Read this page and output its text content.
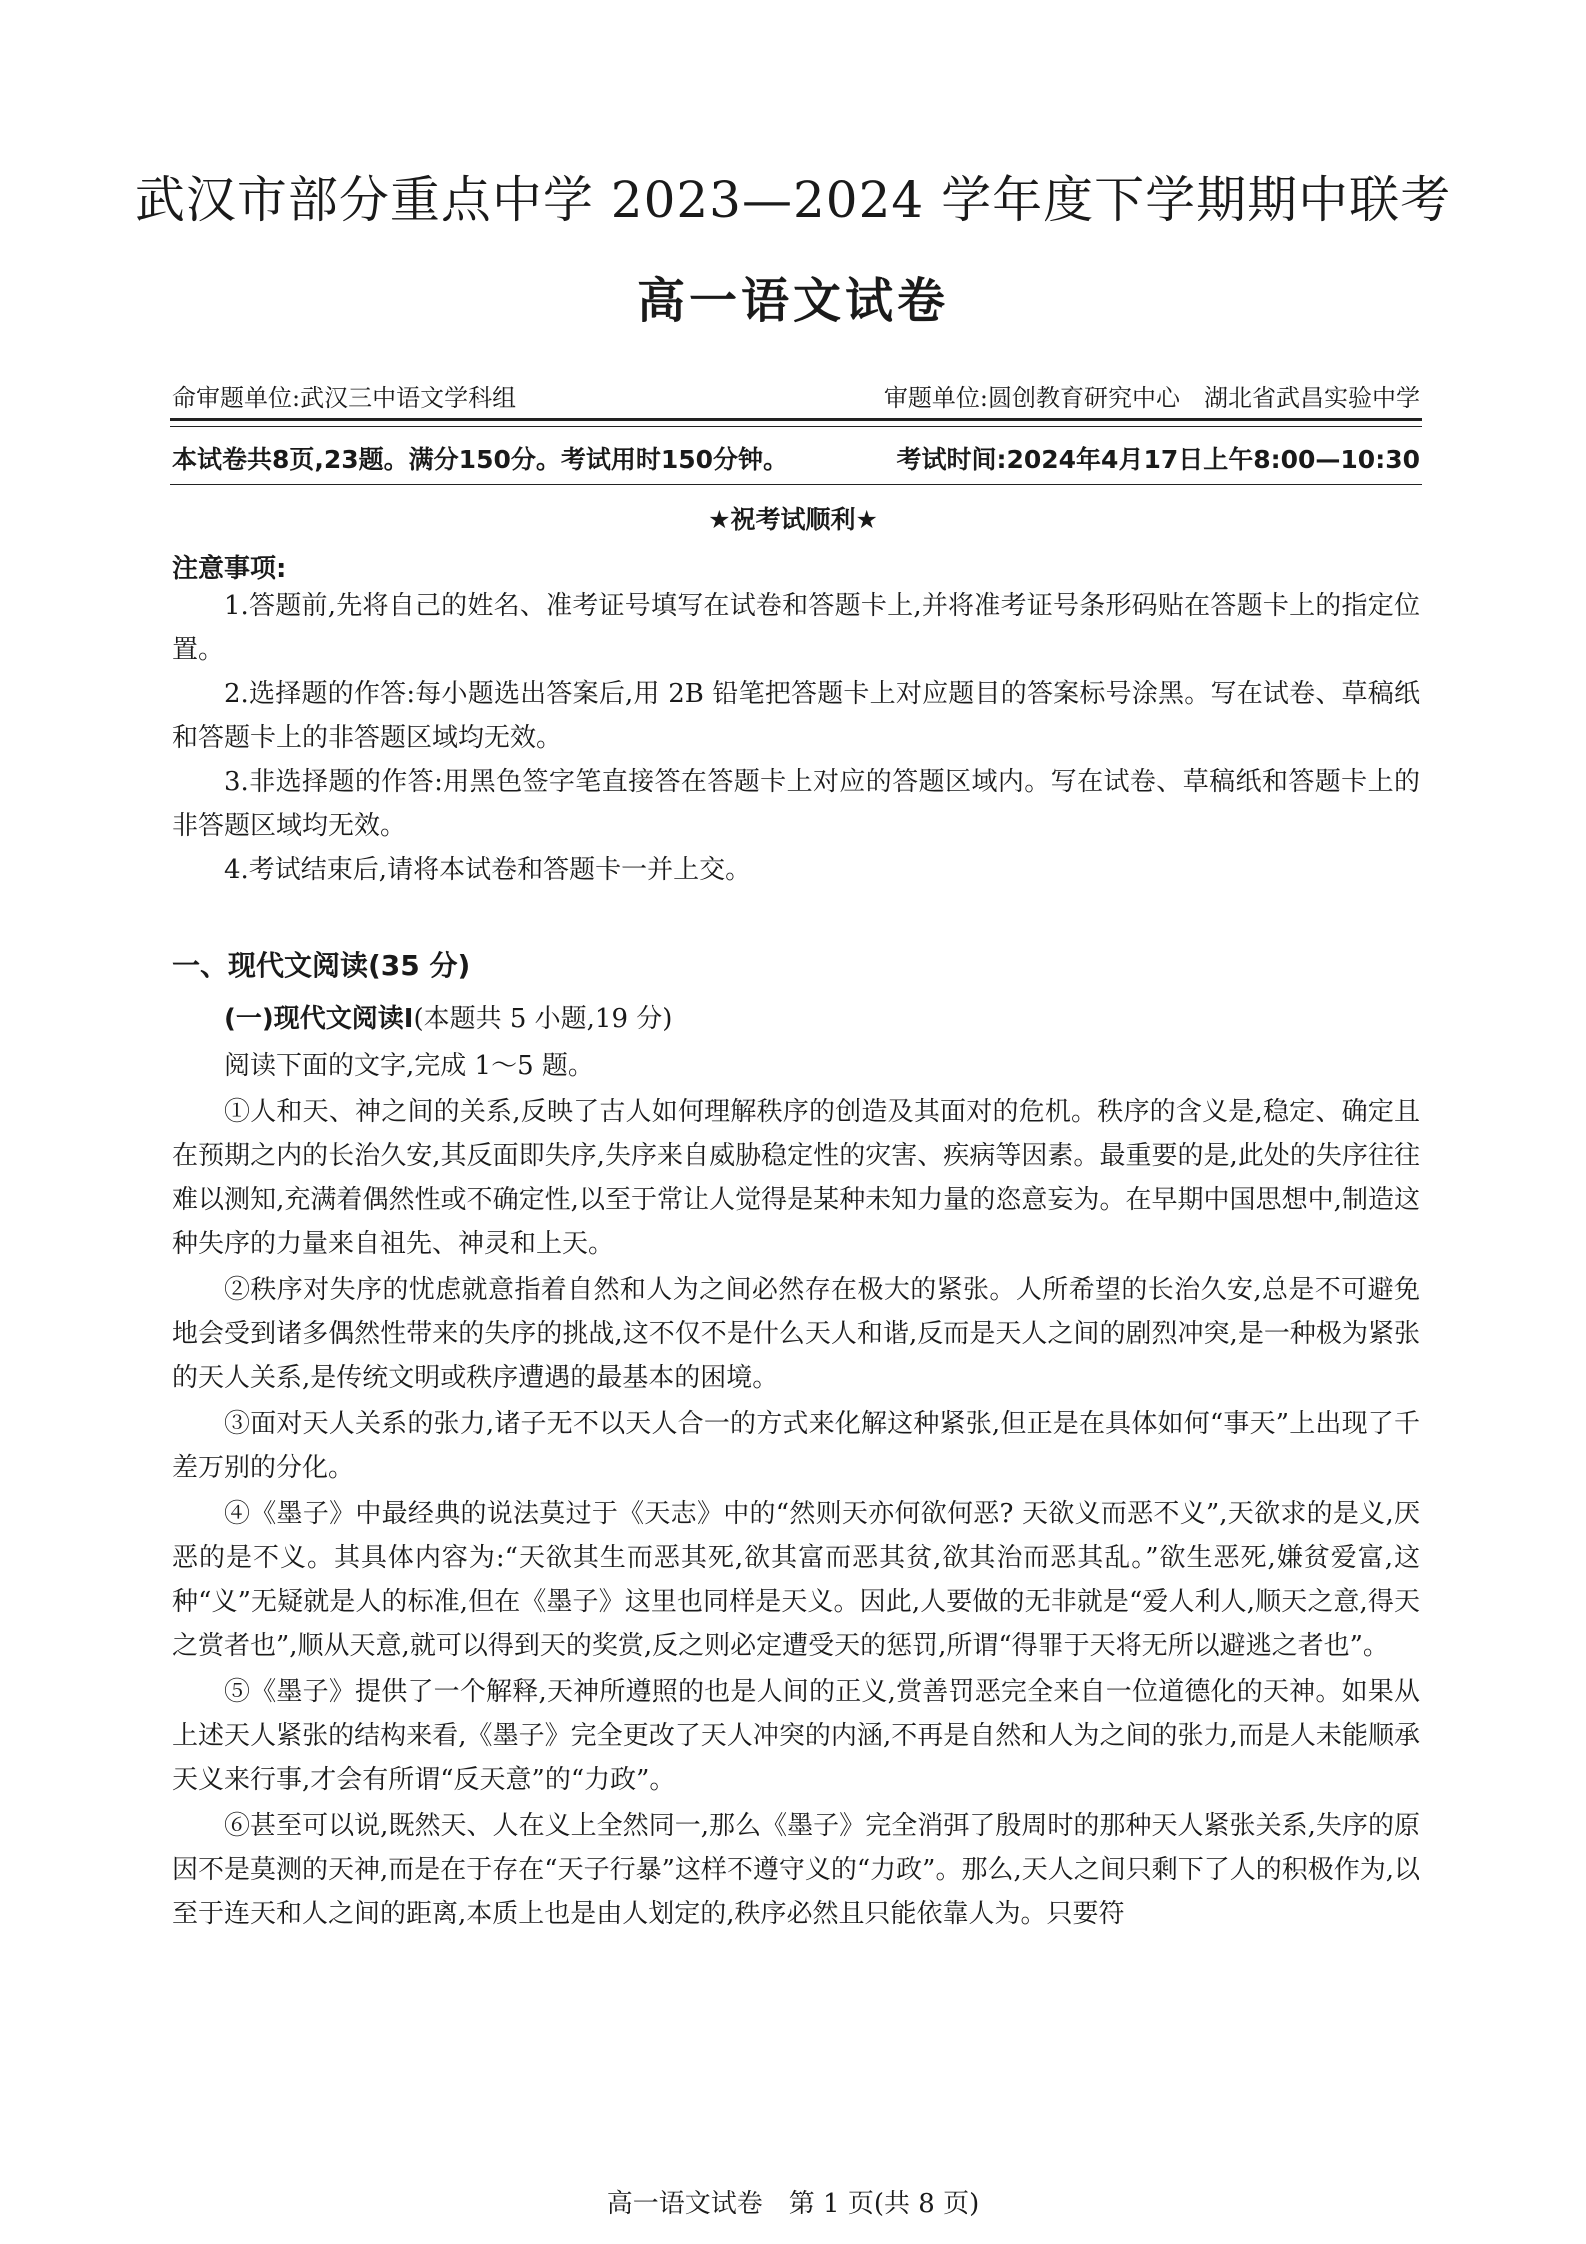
武汉市部分重点中学 2023—2024 学年度下学期期中联考
高一语文试卷
命审题单位:武汉三中语文学科组	审题单位:圆创教育研究中心　湖北省武昌实验中学
本试卷共8页,23题。满分150分。考试用时150分钟。	考试时间:2024年4月17日上午8:00—10:30
★祝考试顺利★
注意事项:

1.答题前,先将自己的姓名、准考证号填写在试卷和答题卡上,并将准考证号条形码贴在答题卡上的指定位置。

2.选择题的作答:每小题选出答案后,用 2B 铅笔把答题卡上对应题目的答案标号涂黑。写在试卷、草稿纸和答题卡上的非答题区域均无效。

3.非选择题的作答:用黑色签字笔直接答在答题卡上对应的答题区域内。写在试卷、草稿纸和答题卡上的非答题区域均无效。

4.考试结束后,请将本试卷和答题卡一并上交。

一、现代文阅读(35 分)
(一)现代文阅读Ⅰ(本题共 5 小题,19 分)

阅读下面的文字,完成 1～5 题。

①人和天、神之间的关系,反映了古人如何理解秩序的创造及其面对的危机。秩序的含义是,稳定、确定且在预期之内的长治久安,其反面即失序,失序来自威胁稳定性的灾害、疾病等因素。最重要的是,此处的失序往往难以测知,充满着偶然性或不确定性,以至于常让人觉得是某种未知力量的恣意妄为。在早期中国思想中,制造这种失序的力量来自祖先、神灵和上天。

②秩序对失序的忧虑就意指着自然和人为之间必然存在极大的紧张。人所希望的长治久安,总是不可避免地会受到诸多偶然性带来的失序的挑战,这不仅不是什么天人和谐,反而是天人之间的剧烈冲突,是一种极为紧张的天人关系,是传统文明或秩序遭遇的最基本的困境。

③面对天人关系的张力,诸子无不以天人合一的方式来化解这种紧张,但正是在具体如何“事天”上出现了千差万别的分化。

④《墨子》中最经典的说法莫过于《天志》中的“然则天亦何欲何恶? 天欲义而恶不义”,天欲求的是义,厌恶的是不义。其具体内容为:“天欲其生而恶其死,欲其富而恶其贫,欲其治而恶其乱。”欲生恶死,嫌贫爱富,这种“义”无疑就是人的标准,但在《墨子》这里也同样是天义。因此,人要做的无非就是“爱人利人,顺天之意,得天之赏者也”,顺从天意,就可以得到天的奖赏,反之则必定遭受天的惩罚,所谓“得罪于天将无所以避逃之者也”。

⑤《墨子》提供了一个解释,天神所遵照的也是人间的正义,赏善罚恶完全来自一位道德化的天神。如果从上述天人紧张的结构来看,《墨子》完全更改了天人冲突的内涵,不再是自然和人为之间的张力,而是人未能顺承天义来行事,才会有所谓“反天意”的“力政”。

⑥甚至可以说,既然天、人在义上全然同一,那么《墨子》完全消弭了殷周时的那种天人紧张关系,失序的原因不是莫测的天神,而是在于存在“天子行暴”这样不遵守义的“力政”。那么,天人之间只剩下了人的积极作为,以至于连天和人之间的距离,本质上也是由人划定的,秩序必然且只能依靠人为。只要符

高一语文试卷　第 1 页(共 8 页)
